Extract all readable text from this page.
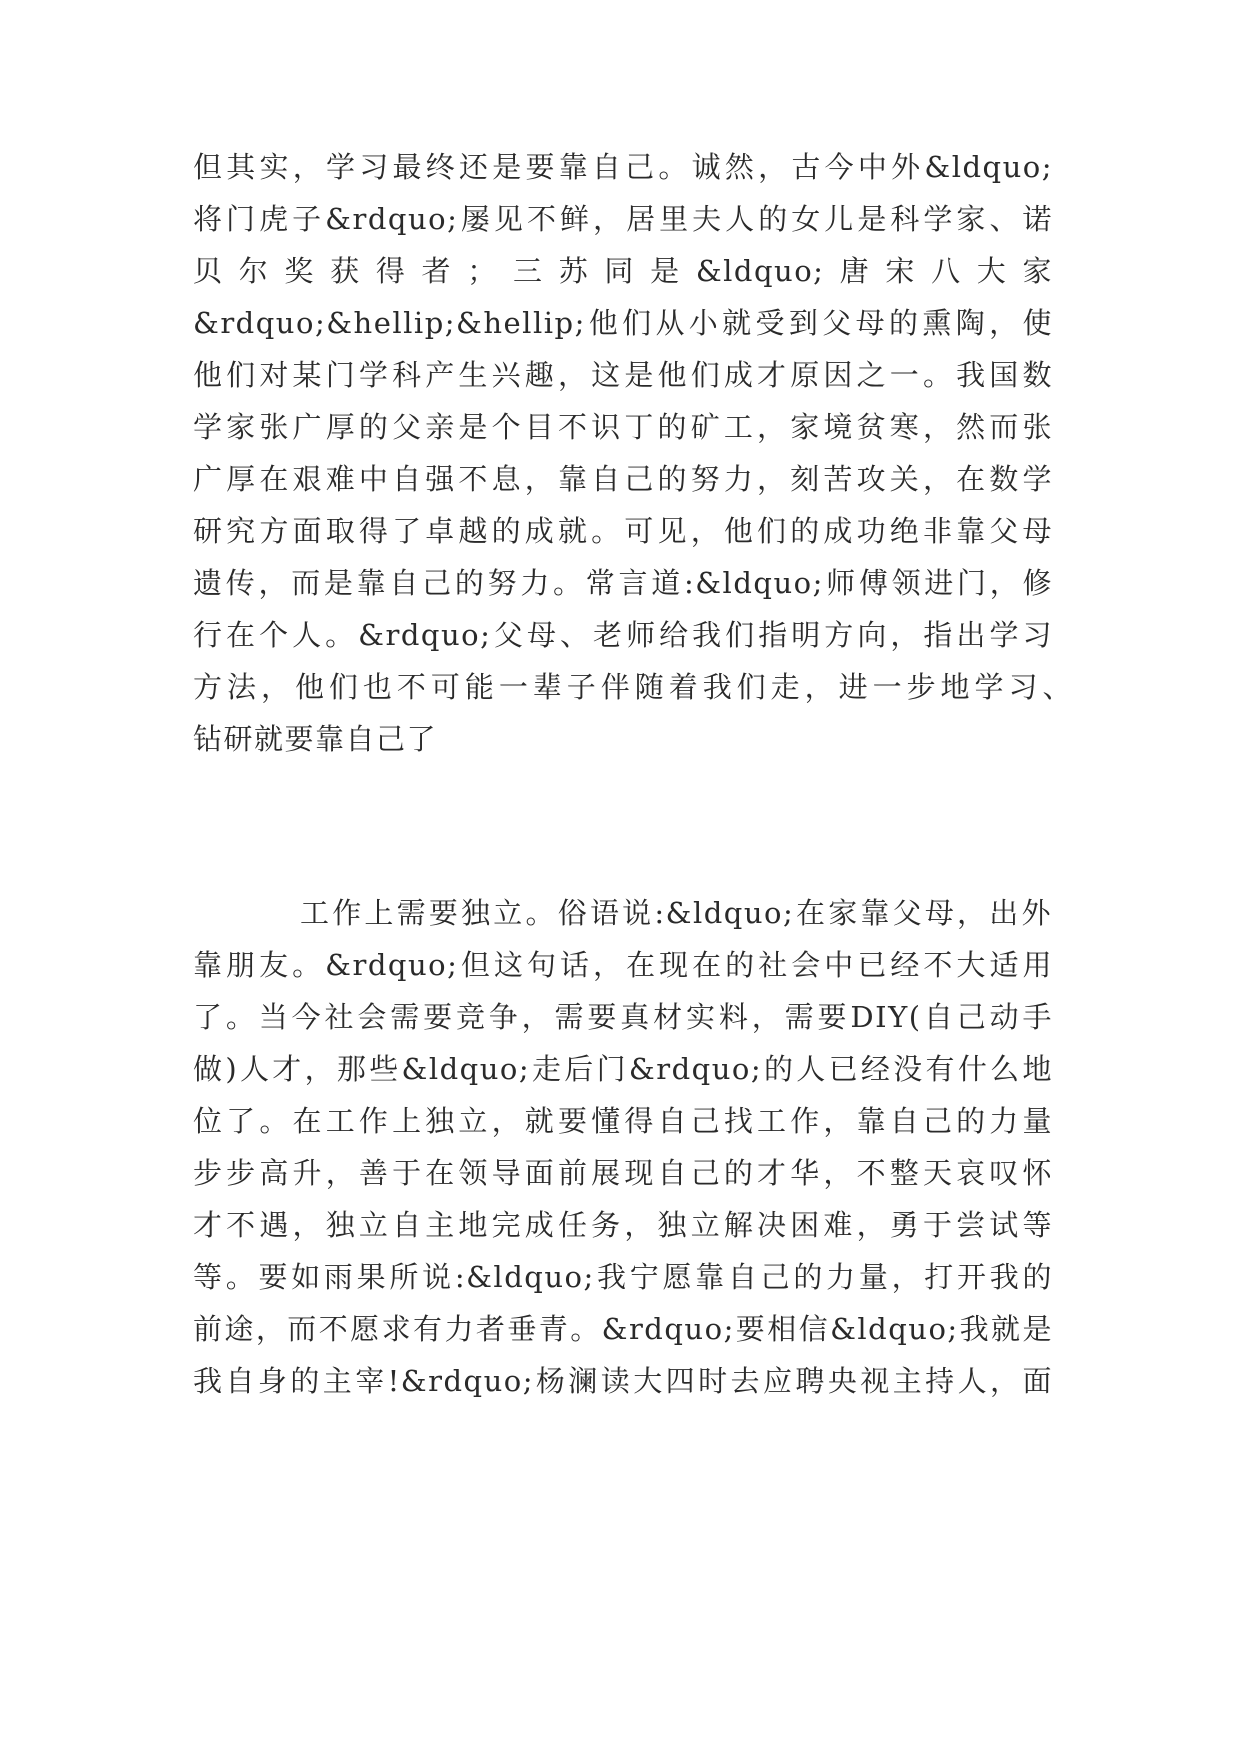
但其实，学习最终还是要靠自己。诚然，古今中外&ldquo;
将门虎子&rdquo;屡见不鲜，居里夫人的女儿是科学家、诺
贝尔奖获得者；三苏同是&ldquo;唐宋八大家
&rdquo;&hellip;&hellip;他们从小就受到父母的熏陶，使
他们对某门学科产生兴趣，这是他们成才原因之一。我国数
学家张广厚的父亲是个目不识丁的矿工，家境贫寒，然而张
广厚在艰难中自强不息，靠自己的努力，刻苦攻关，在数学
研究方面取得了卓越的成就。可见，他们的成功绝非靠父母
遗传，而是靠自己的努力。常言道:&ldquo;师傅领进门，修
行在个人。&rdquo;父母、老师给我们指明方向，指出学习
方法，他们也不可能一辈子伴随着我们走，进一步地学习、
钻研就要靠自己了
工作上需要独立。俗语说:&ldquo;在家靠父母，出外
靠朋友。&rdquo;但这句话，在现在的社会中已经不大适用
了。当今社会需要竞争，需要真材实料，需要DIY(自己动手
做)人才，那些&ldquo;走后门&rdquo;的人已经没有什么地
位了。在工作上独立，就要懂得自己找工作，靠自己的力量
步步高升，善于在领导面前展现自己的才华，不整天哀叹怀
才不遇，独立自主地完成任务，独立解决困难，勇于尝试等
等。要如雨果所说:&ldquo;我宁愿靠自己的力量，打开我的
前途，而不愿求有力者垂青。&rdquo;要相信&ldquo;我就是
我自身的主宰!&rdquo;杨澜读大四时去应聘央视主持人，面
